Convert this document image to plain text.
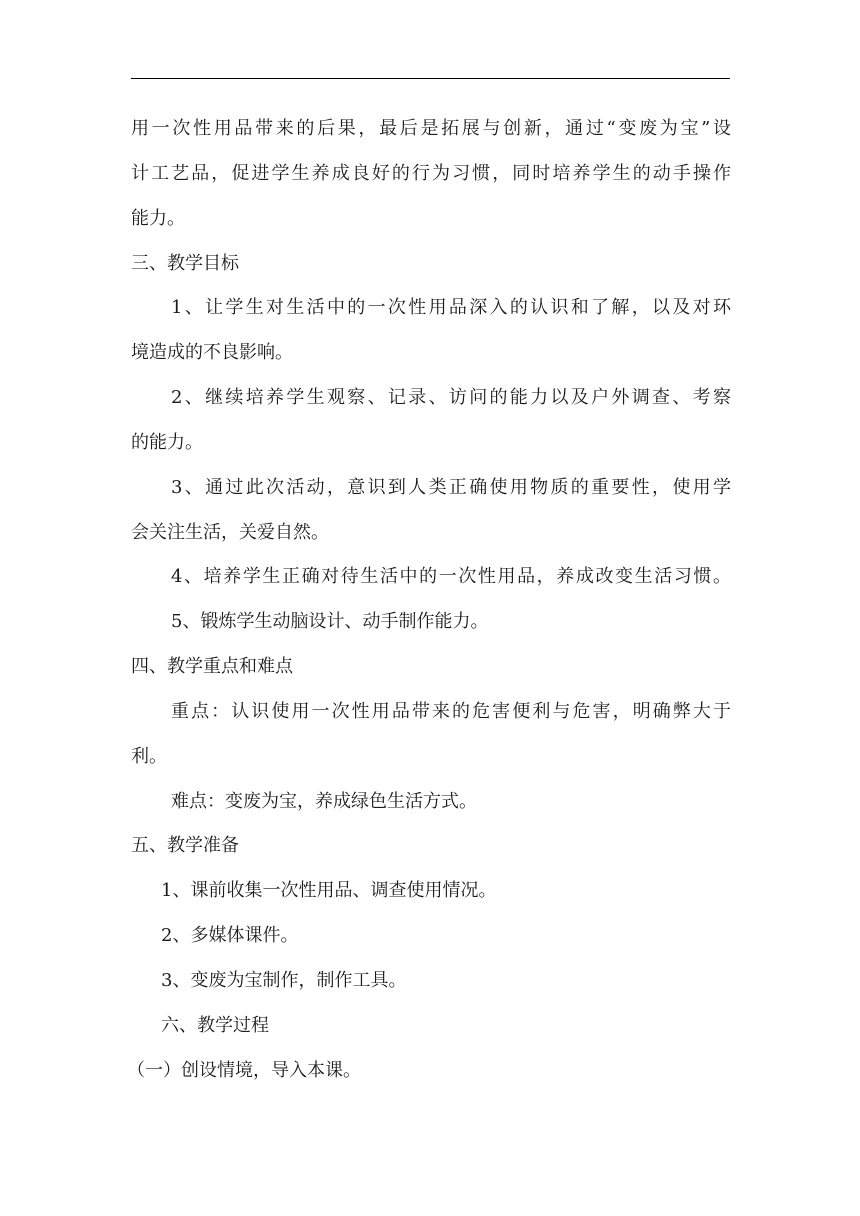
用一次性用品带来的后果，最后是拓展与创新，通过“变废为宝”设
计工艺品，促进学生养成良好的行为习惯，同时培养学生的动手操作
能力。
三、教学目标
1、让学生对生活中的一次性用品深入的认识和了解，以及对环
境造成的不良影响。
2、继续培养学生观察、记录、访问的能力以及户外调查、考察
的能力。
3、通过此次活动，意识到人类正确使用物质的重要性，使用学
会关注生活，关爱自然。
4、培养学生正确对待生活中的一次性用品，养成改变生活习惯。
5、锻炼学生动脑设计、动手制作能力。
四、教学重点和难点
重点：认识使用一次性用品带来的危害便利与危害，明确弊大于
利。
难点：变废为宝，养成绿色生活方式。
五、教学准备
1、课前收集一次性用品、调查使用情况。
2、多媒体课件。
3、变废为宝制作，制作工具。
六、教学过程
（一）创设情境，导入本课。
